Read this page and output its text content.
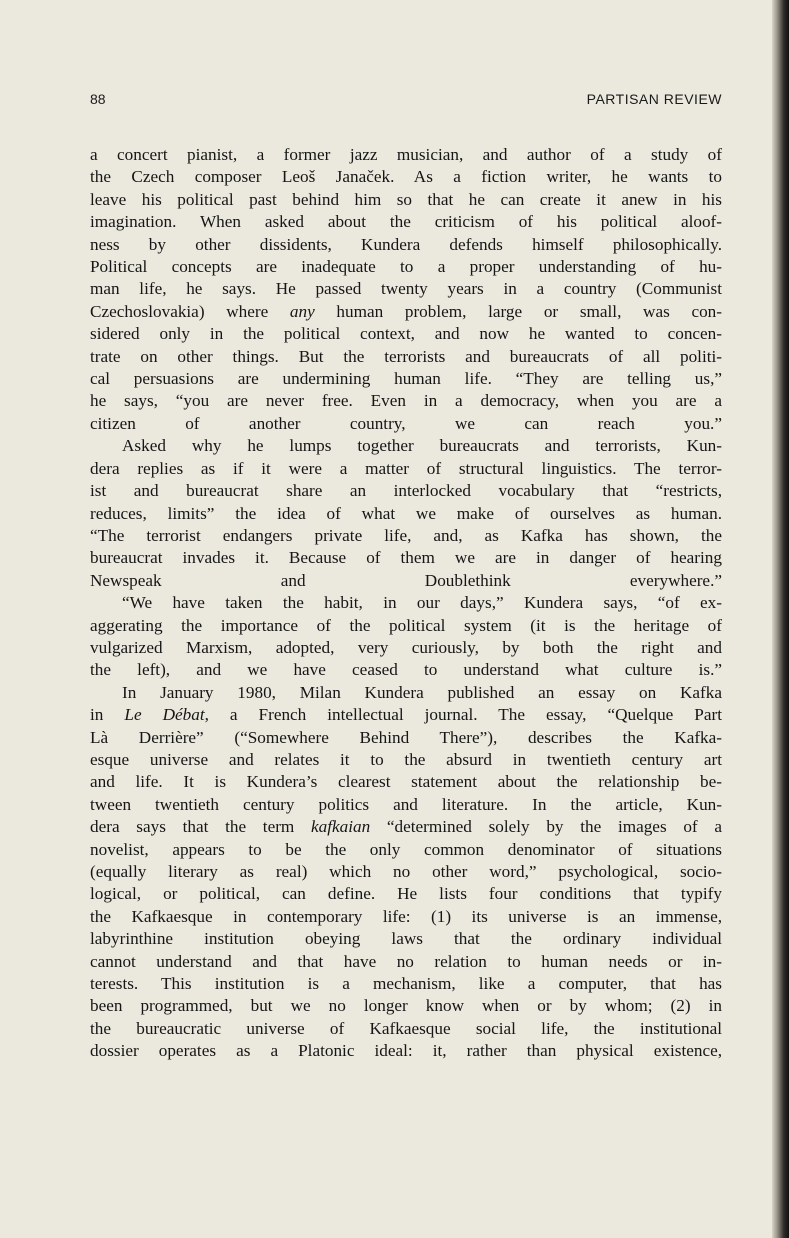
88	PARTISAN REVIEW
a concert pianist, a former jazz musician, and author of a study of
the Czech composer Leoš Janaček. As a fiction writer, he wants to
leave his political past behind him so that he can create it anew in his
imagination. When asked about the criticism of his political aloof-
ness by other dissidents, Kundera defends himself philosophically.
Political concepts are inadequate to a proper understanding of hu-
man life, he says. He passed twenty years in a country (Communist
Czechoslovakia) where any human problem, large or small, was con-
sidered only in the political context, and now he wanted to concen-
trate on other things. But the terrorists and bureaucrats of all politi-
cal persuasions are undermining human life. “They are telling us,”
he says, “you are never free. Even in a democracy, when you are a
citizen of another country, we can reach you.”
Asked why he lumps together bureaucrats and terrorists, Kun-
dera replies as if it were a matter of structural linguistics. The terror-
ist and bureaucrat share an interlocked vocabulary that “restricts,
reduces, limits” the idea of what we make of ourselves as human.
“The terrorist endangers private life, and, as Kafka has shown, the
bureaucrat invades it. Because of them we are in danger of hearing
Newspeak and Doublethink everywhere.”
“We have taken the habit, in our days,” Kundera says, “of ex-
aggerating the importance of the political system (it is the heritage of
vulgarized Marxism, adopted, very curiously, by both the right and
the left), and we have ceased to understand what culture is.”
In January 1980, Milan Kundera published an essay on Kafka
in Le Débat, a French intellectual journal. The essay, “Quelque Part
Là Derrière” (“Somewhere Behind There”), describes the Kafka-
esque universe and relates it to the absurd in twentieth century art
and life. It is Kundera’s clearest statement about the relationship be-
tween twentieth century politics and literature. In the article, Kun-
dera says that the term kafkaian “determined solely by the images of a
novelist, appears to be the only common denominator of situations
(equally literary as real) which no other word,” psychological, socio-
logical, or political, can define. He lists four conditions that typify
the Kafkaesque in contemporary life: (1) its universe is an immense,
labyrinthine institution obeying laws that the ordinary individual
cannot understand and that have no relation to human needs or in-
terests. This institution is a mechanism, like a computer, that has
been programmed, but we no longer know when or by whom; (2) in
the bureaucratic universe of Kafkaesque social life, the institutional
dossier operates as a Platonic ideal: it, rather than physical existence,
